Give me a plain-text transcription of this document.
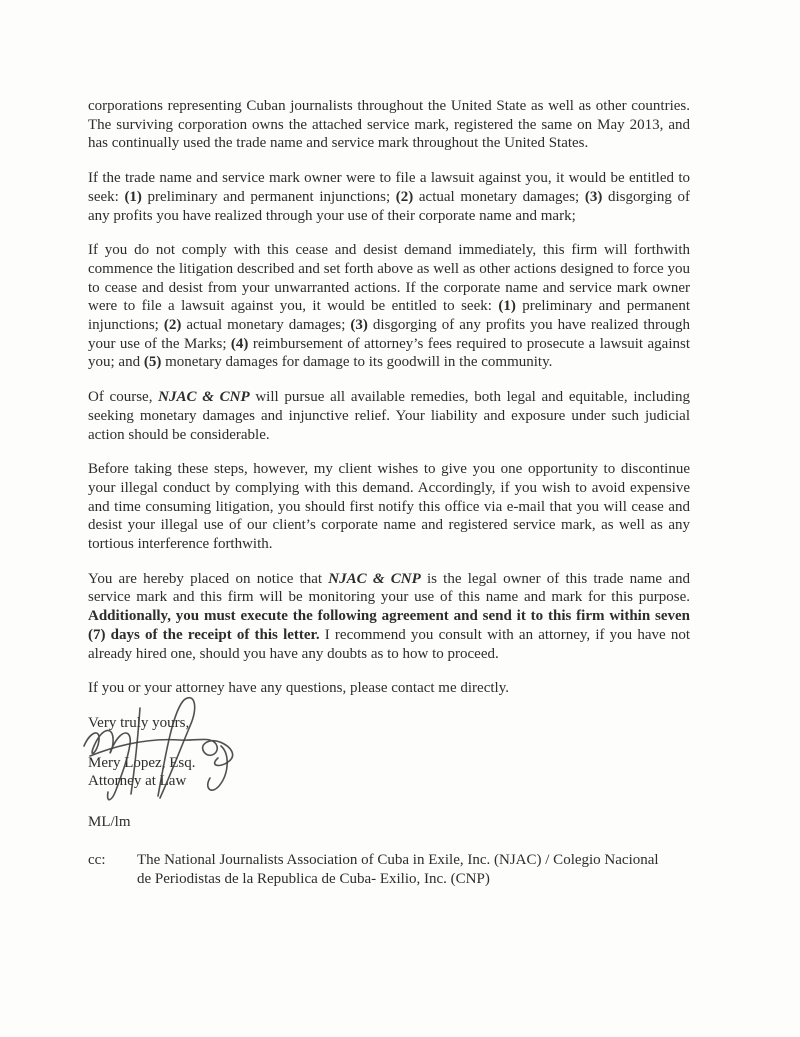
corporations representing Cuban journalists throughout the United State as well as other countries. The surviving corporation owns the attached service mark, registered the same on May 2013, and has continually used the trade name and service mark throughout the United States.

If the trade name and service mark owner were to file a lawsuit against you, it would be entitled to seek: (1) preliminary and permanent injunctions; (2) actual monetary damages; (3) disgorging of any profits you have realized through your use of their corporate name and mark;

If you do not comply with this cease and desist demand immediately, this firm will forthwith commence the litigation described and set forth above as well as other actions designed to force you to cease and desist from your unwarranted actions. If the corporate name and service mark owner were to file a lawsuit against you, it would be entitled to seek: (1) preliminary and permanent injunctions; (2) actual monetary damages; (3) disgorging of any profits you have realized through your use of the Marks; (4) reimbursement of attorney’s fees required to prosecute a lawsuit against you; and (5) monetary damages for damage to its goodwill in the community.

Of course, NJAC & CNP will pursue all available remedies, both legal and equitable, including seeking monetary damages and injunctive relief. Your liability and exposure under such judicial action should be considerable.

Before taking these steps, however, my client wishes to give you one opportunity to discontinue your illegal conduct by complying with this demand. Accordingly, if you wish to avoid expensive and time consuming litigation, you should first notify this office via e-mail that you will cease and desist your illegal use of our client’s corporate name and registered service mark, as well as any tortious interference forthwith.

You are hereby placed on notice that NJAC & CNP is the legal owner of this trade name and service mark and this firm will be monitoring your use of this name and mark for this purpose. Additionally, you must execute the following agreement and send it to this firm within seven (7) days of the receipt of this letter. I recommend you consult with an attorney, if you have not already hired one, should you have any doubts as to how to proceed.

If you or your attorney have any questions, please contact me directly.

Very truly yours,

Mery Lopez, Esq.

Attorney at Law

ML/lm

cc:	The National Journalists Association of Cuba in Exile, Inc. (NJAC) / Colegio Nacional
de Periodistas de la Republica de Cuba- Exilio, Inc. (CNP)
